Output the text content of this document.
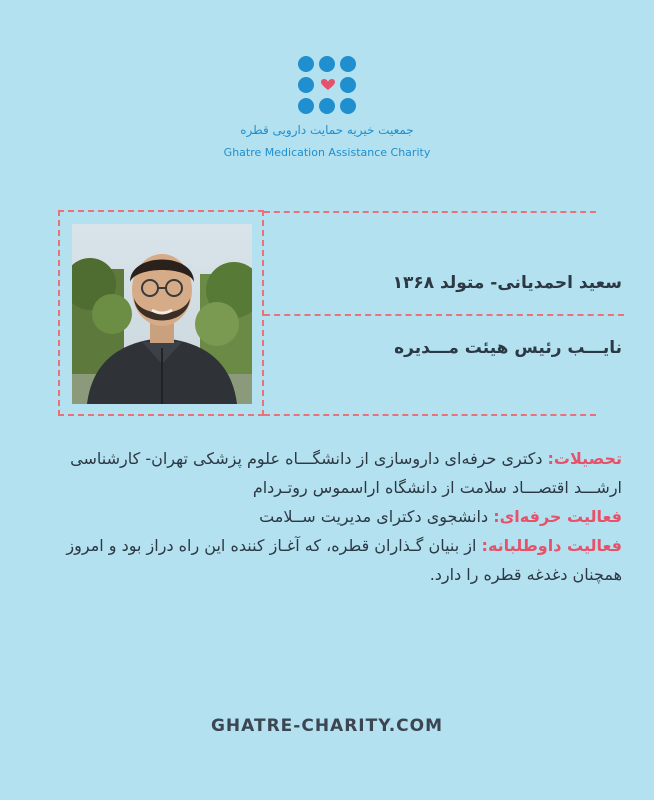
جمعیت خیریه حمایت دارویی قطره
Ghatre Medication Assistance Charity
سعید احمدیانی- متولد ۱۳۶۸
نایـــب رئیس هیئت مـــدیره

تحصیلات: دکتری حرفه‌ای داروسازی از دانشگـــاه علوم پزشکی تهران- کارشناسی ارشـــد اقتصـــاد سلامت از دانشگاه اراسموس روتـردام

فعالیت حرفه‌ای: دانشجوی دکترای مدیریت ســلامت

فعالیت داوطلبانه: از بنیان گـذاران قطره، که آغـاز کننده این راه دراز بود و امروز همچنان دغدغه قطره را دارد.

GHATRE-CHARITY.COM
